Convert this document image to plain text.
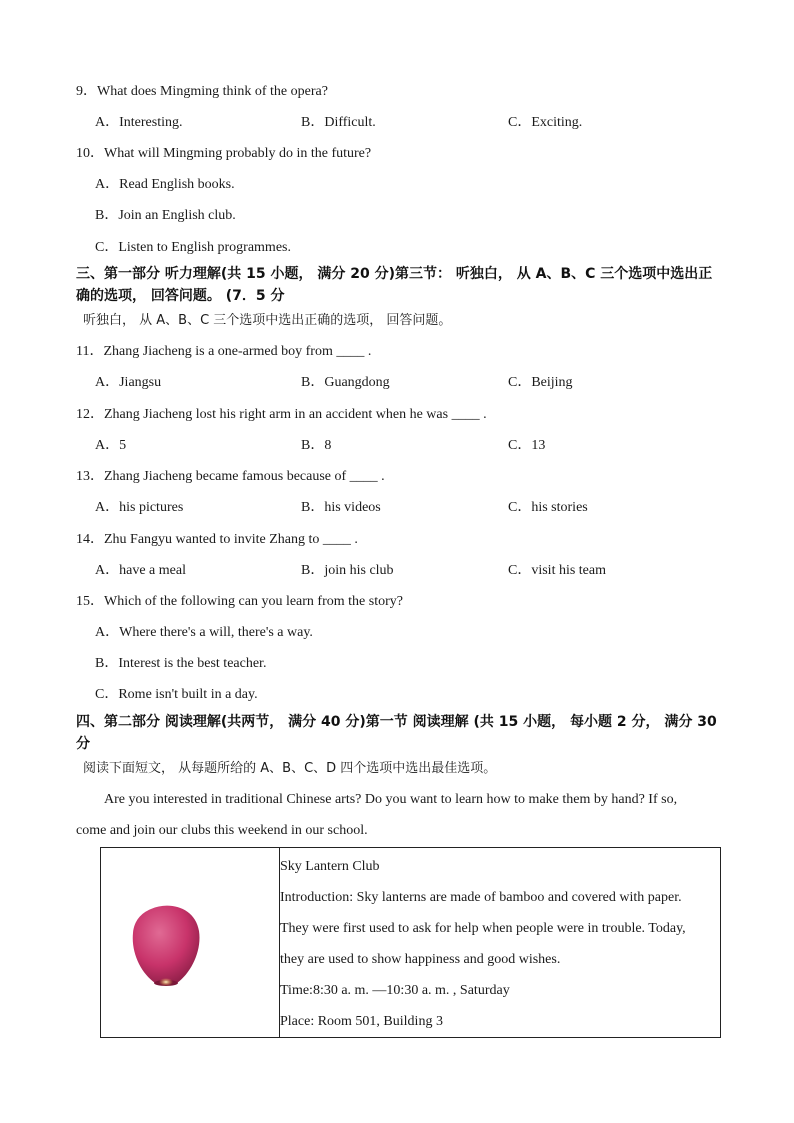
9．What does Mingming think of the opera?
A．Interesting.	B．Difficult.	C．Exciting.
10．What will Mingming probably do in the future?
A．Read English books.
B．Join an English club.
C．Listen to English programmes.
三、第一部分 听力理解(共 15 小题， 满分 20 分)第三节： 听独白， 从 A、B、C 三个选项中选出正确的选项， 回答问题。 (7．5 分
听独白， 从 A、B、C 三个选项中选出正确的选项， 回答问题。
11．Zhang Jiacheng is a one-armed boy from ____ .
A．Jiangsu	B．Guangdong	C．Beijing
12．Zhang Jiacheng lost his right arm in an accident when he was ____ .
A．5	B．8	C．13
13．Zhang Jiacheng became famous because of ____ .
A．his pictures	B．his videos	C．his stories
14．Zhu Fangyu wanted to invite Zhang to ____ .
A．have a meal	B．join his club	C．visit his team
15．Which of the following can you learn from the story?
A．Where there's a will, there's a way.
B．Interest is the best teacher.
C．Rome isn't built in a day.
四、第二部分 阅读理解(共两节， 满分 40 分)第一节 阅读理解 (共 15 小题， 每小题 2 分， 满分 30 分
阅读下面短文， 从每题所给的 A、B、C、D 四个选项中选出最佳选项。
Are you interested in traditional Chinese arts? Do you want to learn how to make them by hand? If so,
come and join our clubs this weekend in our school.

Sky Lantern Club
Introduction: Sky lanterns are made of bamboo and covered with paper.
They were first used to ask for help when people were in trouble. Today,
they are used to show happiness and good wishes.
Time:8:30 a. m. —10:30 a. m. , Saturday
Place: Room 501, Building 3
